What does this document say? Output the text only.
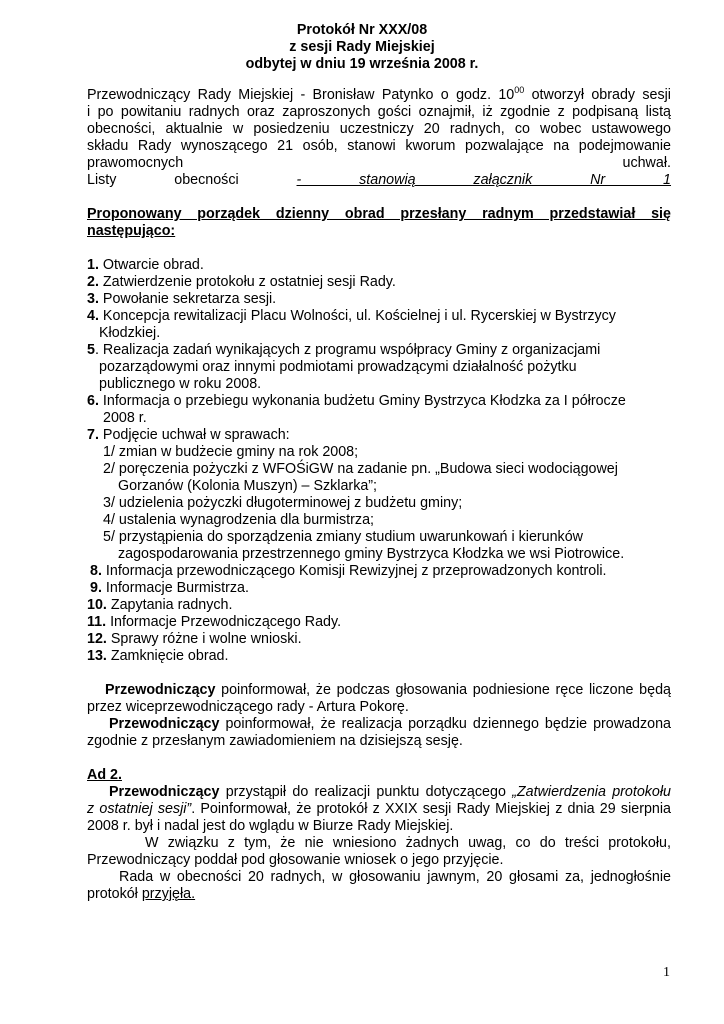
Protokół Nr XXX/08
z sesji Rady Miejskiej
odbytej w dniu 19 września 2008 r.
Przewodniczący Rady Miejskiej - Bronisław Patynko o godz. $10^{00}$ otworzył obrady sesji
i po powitaniu radnych oraz zaproszonych gości oznajmił, iż zgodnie z podpisaną listą
obecności, aktualnie w posiedzeniu uczestniczy 20 radnych, co wobec ustawowego
składu Rady wynoszącego 21 osób, stanowi kworum pozwalające na podejmowanie
prawomocnych uchwał.
Listy obecności - stanowią załącznik Nr 1
Proponowany porządek dzienny obrad przesłany radnym przedstawiał się
następująco:
1. Otwarcie obrad.
2. Zatwierdzenie protokołu z ostatniej sesji Rady.
3. Powołanie sekretarza sesji.
4. Koncepcja rewitalizacji Placu Wolności, ul. Kościelnej i ul. Rycerskiej w Bystrzycy
Kłodzkiej.
5. Realizacja zadań wynikających z programu współpracy Gminy z organizacjami
pozarządowymi oraz innymi podmiotami prowadzącymi działalność pożytku
publicznego w roku 2008.
6. Informacja o przebiegu wykonania budżetu Gminy Bystrzyca Kłodzka za I półrocze
2008 r.
7. Podjęcie uchwał w sprawach:
1/ zmian w budżecie gminy na rok 2008;
2/ poręczenia pożyczki z WFOŚiGW na zadanie pn. „Budowa sieci wodociągowej
Gorzanów (Kolonia Muszyn) – Szklarka”;
3/ udzielenia pożyczki długoterminowej z budżetu gminy;
4/ ustalenia wynagrodzenia dla burmistrza;
5/ przystąpienia do sporządzenia zmiany studium uwarunkowań i kierunków
zagospodarowania przestrzennego gminy Bystrzyca Kłodzka we wsi Piotrowice.
8. Informacja przewodniczącego Komisji Rewizyjnej z przeprowadzonych kontroli.
9. Informacje Burmistrza.
10. Zapytania radnych.
11. Informacje Przewodniczącego Rady.
12. Sprawy różne i wolne wnioski.
13. Zamknięcie obrad.
Przewodniczący poinformował, że podczas głosowania podniesione ręce liczone będą
przez wiceprzewodniczącego rady - Artura Pokorę.
Przewodniczący poinformował, że realizacja porządku dziennego będzie prowadzona
zgodnie z przesłanym zawiadomieniem na dzisiejszą sesję.
Ad 2.
Przewodniczący przystąpił do realizacji punktu dotyczącego „Zatwierdzenia protokołu
z ostatniej sesji”. Poinformował, że protokół z XXIX sesji Rady Miejskiej z dnia 29 sierpnia
2008 r. był i nadal jest do wglądu w Biurze Rady Miejskiej.
W związku z tym, że nie wniesiono żadnych uwag, co do treści protokołu,
Przewodniczący poddał pod głosowanie wniosek o jego przyjęcie.
Rada w obecności 20 radnych, w głosowaniu jawnym, 20 głosami za, jednogłośnie
protokół przyjęła.
1
